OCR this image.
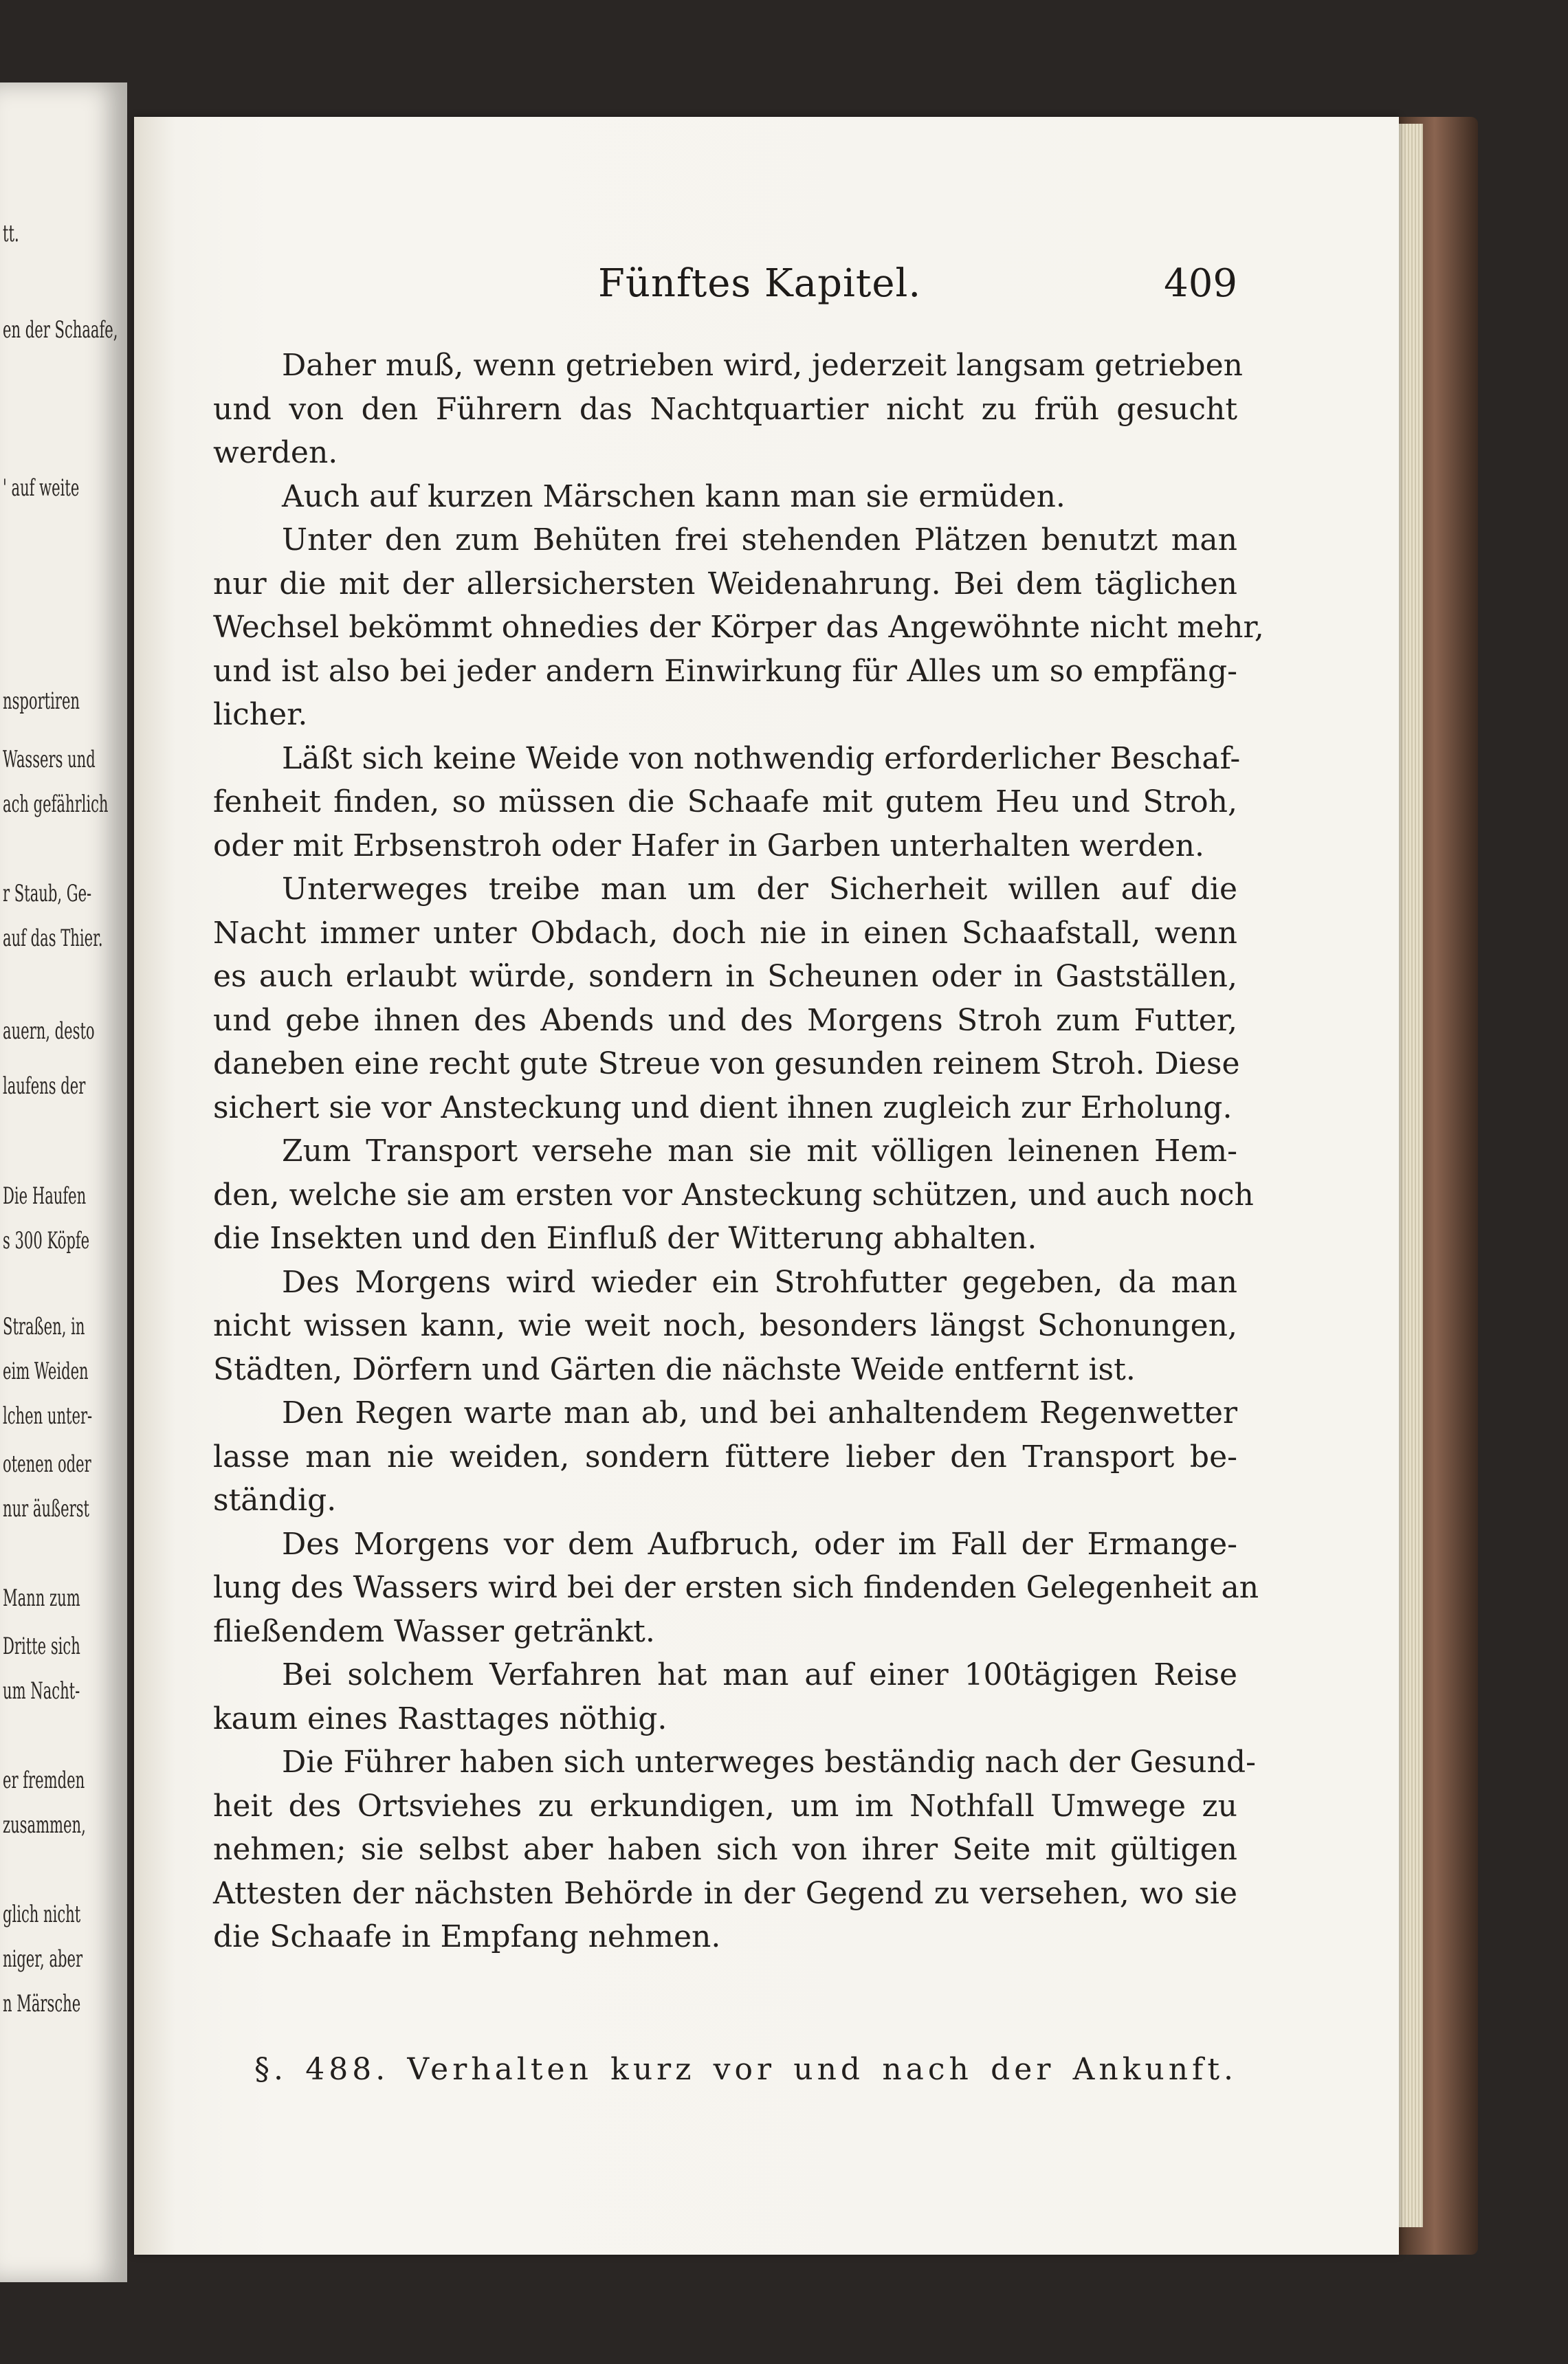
tt.
en der Schaafe,
' auf weite
nsportiren
Wassers und
ach gefährlich
r Staub, Ge-
auf das Thier.
auern, desto
laufens der
Die Haufen
s 300 Köpfe
Straßen, in
eim Weiden
lchen unter-
otenen oder
nur äußerst
Mann zum
Dritte sich
um Nacht-
er fremden
zusammen,
glich nicht
niger, aber
n Märsche
Fünftes Kapitel.	409
Daher muß, wenn getrieben wird, jederzeit langsam getrieben
und von den Führern das Nachtquartier nicht zu früh gesucht
werden.
Auch auf kurzen Märschen kann man sie ermüden.
Unter den zum Behüten frei stehenden Plätzen benutzt man
nur die mit der allersichersten Weidenahrung. Bei dem täglichen
Wechsel bekömmt ohnedies der Körper das Angewöhnte nicht mehr,
und ist also bei jeder andern Einwirkung für Alles um so empfäng-
licher.
Läßt sich keine Weide von nothwendig erforderlicher Beschaf-
fenheit finden, so müssen die Schaafe mit gutem Heu und Stroh,
oder mit Erbsenstroh oder Hafer in Garben unterhalten werden.
Unterweges treibe man um der Sicherheit willen auf die
Nacht immer unter Obdach, doch nie in einen Schaafstall, wenn
es auch erlaubt würde, sondern in Scheunen oder in Gastställen,
und gebe ihnen des Abends und des Morgens Stroh zum Futter,
daneben eine recht gute Streue von gesunden reinem Stroh. Diese
sichert sie vor Ansteckung und dient ihnen zugleich zur Erholung.
Zum Transport versehe man sie mit völligen leinenen Hem-
den, welche sie am ersten vor Ansteckung schützen, und auch noch
die Insekten und den Einfluß der Witterung abhalten.
Des Morgens wird wieder ein Strohfutter gegeben, da man
nicht wissen kann, wie weit noch, besonders längst Schonungen,
Städten, Dörfern und Gärten die nächste Weide entfernt ist.
Den Regen warte man ab, und bei anhaltendem Regenwetter
lasse man nie weiden, sondern füttere lieber den Transport be-
ständig.
Des Morgens vor dem Aufbruch, oder im Fall der Ermange-
lung des Wassers wird bei der ersten sich findenden Gelegenheit an
fließendem Wasser getränkt.
Bei solchem Verfahren hat man auf einer 100tägigen Reise
kaum eines Rasttages nöthig.
Die Führer haben sich unterweges beständig nach der Gesund-
heit des Ortsviehes zu erkundigen, um im Nothfall Umwege zu
nehmen; sie selbst aber haben sich von ihrer Seite mit gültigen
Attesten der nächsten Behörde in der Gegend zu versehen, wo sie
die Schaafe in Empfang nehmen.
§. 488. Verhalten kurz vor und nach der Ankunft.
